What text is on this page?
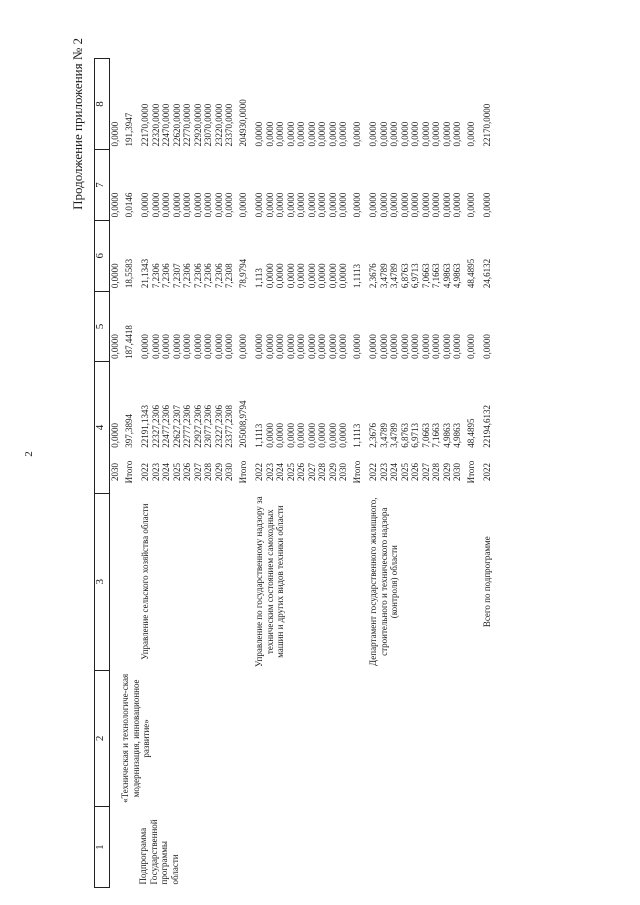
2
Продолжение приложения № 2
1	2	3	4		5	6	7	8
Подпрограмма Государственной программы области	«Техническая и технологиче-ская модернизация, инновационное развитие»		2030	0,0000	0,0000	0,0000	0,0000	0,0000
			Итого	397,3894	187,4418	18,5583	0,0146	191,3947

		Управление сельского хозяйства области	2022	22191,1343	0,0000	21,1343	0,0000	22170,0000
			2023	22327,2306	0,0000	7,2306	0,0000	22320,0000
			2024	22477,2306	0,0000	7,2306	0,0000	22470,0000
			2025	22627,2307	0,0000	7,2307	0,0000	22620,0000
			2026	22777,2306	0,0000	7,2306	0,0000	22770,0000
			2027	22927,2306	0,0000	7,2306	0,0000	22920,0000
			2028	23077,2306	0,0000	7,2306	0,0000	23070,0000
			2029	23227,2306	0,0000	7,2306	0,0000	23220,0000
			2030	23377,2308	0,0000	7,2308	0,0000	23370,0000
			Итого	205008,9794	0,0000	78,9794	0,0000	204930,0000

		Управление по государственному надзору за техническим состоянием самоходных машин и других видов техники области	2022	1,1113	0,0000	1,113	0,0000	0,0000
			2023	0,0000	0,0000	0,0000	0,0000	0,0000
			2024	0,0000	0,0000	0,0000	0,0000	0,0000
			2025	0,0000	0,0000	0,0000	0,0000	0,0000
			2026	0,0000	0,0000	0,0000	0,0000	0,0000
			2027	0,0000	0,0000	0,0000	0,0000	0,0000
			2028	0,0000	0,0000	0,0000	0,0000	0,0000
			2029	0,0000	0,0000	0,0000	0,0000	0,0000
			2030	0,0000	0,0000	0,0000	0,0000	0,0000
			Итого	1,1113	0,0000	1,1113	0,0000	0,0000

		Департамент государственного жилищного, строительного и технического надзора (контроля) области	2022	2,3676	0,0000	2,3676	0,0000	0,0000
			2023	3,4789	0,0000	3,4789	0,0000	0,0000
			2024	3,4789	0,0000	3,4789	0,0000	0,0000
			2025	6,8763	0,0000	6,8763	0,0000	0,0000
			2026	6,9713	0,0000	6,9713	0,0000	0,0000
			2027	7,0663	0,0000	7,0663	0,0000	0,0000
			2028	7,1663	0,0000	7,1663	0,0000	0,0000
			2029	4,9863	0,0000	4,9863	0,0000	0,0000
			2030	4,9863	0,0000	4,9863	0,0000	0,0000
			Итого	48,4895	0,0000	48,4895	0,0000	0,0000

		Всего по подпрограмме	2022	22194,6132	0,0000	24,6132	0,0000	22170,0000
